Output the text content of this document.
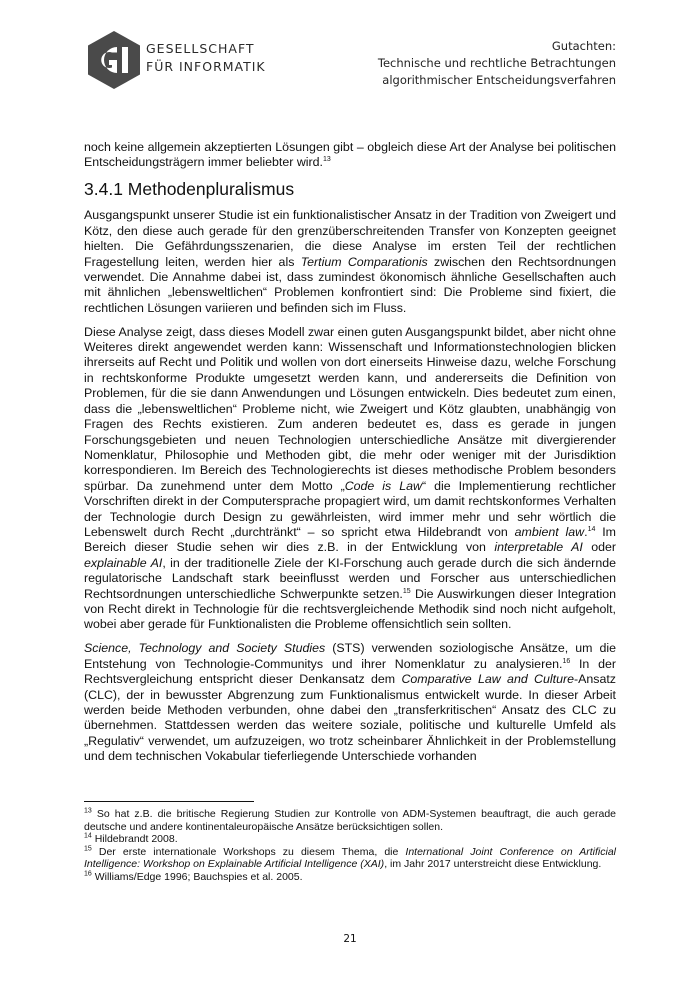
GESELLSCHAFT
FÜR INFORMATIK
Gutachten:
Technische und rechtliche Betrachtungen
algorithmischer Entscheidungsverfahren

noch keine allgemein akzeptierten Lösungen gibt – obgleich diese Art der Analyse bei politischen Entscheidungsträgern immer beliebter wird.$^{13}$

3.4.1 Methodenpluralismus

Ausgangspunkt unserer Studie ist ein funktionalistischer Ansatz in der Tradition von Zweigert und Kötz, den diese auch gerade für den grenzüberschreitenden Transfer von Konzepten geeignet hielten. Die Gefährdungsszenarien, die diese Analyse im ersten Teil der rechtlichen Fragestellung leiten, werden hier als Tertium Comparationis zwischen den Rechtsordnungen verwendet. Die Annahme dabei ist, dass zumindest ökonomisch ähnliche Gesellschaften auch mit ähnlichen „lebensweltlichen“ Problemen konfrontiert sind: Die Probleme sind fixiert, die rechtlichen Lösungen variieren und befinden sich im Fluss.

Diese Analyse zeigt, dass dieses Modell zwar einen guten Ausgangspunkt bildet, aber nicht ohne Weiteres direkt angewendet werden kann: Wissenschaft und Informationstechnologien blicken ihrerseits auf Recht und Politik und wollen von dort einerseits Hinweise dazu, welche Forschung in rechtskonforme Produkte umgesetzt werden kann, und andererseits die Definition von Problemen, für die sie dann Anwendungen und Lösungen entwickeln. Dies bedeutet zum einen, dass die „lebensweltlichen“ Probleme nicht, wie Zweigert und Kötz glaubten, unabhängig von Fragen des Rechts existieren. Zum anderen bedeutet es, dass es gerade in jungen Forschungsgebieten und neuen Technologien unterschiedliche Ansätze mit divergierender Nomenklatur, Philosophie und Methoden gibt, die mehr oder weniger mit der Jurisdiktion korrespondieren. Im Bereich des Technologierechts ist dieses methodische Problem besonders spürbar. Da zunehmend unter dem Motto „Code is Law“ die Implementierung rechtlicher Vorschriften direkt in der Computersprache propagiert wird, um damit rechtskonformes Verhalten der Technologie durch Design zu gewährleisten, wird immer mehr und sehr wörtlich die Lebenswelt durch Recht „durchtränkt“ – so spricht etwa Hildebrandt von ambient law.$^{14}$ Im Bereich dieser Studie sehen wir dies z.B. in der Entwicklung von interpretable AI oder explainable AI, in der traditionelle Ziele der KI-Forschung auch gerade durch die sich ändernde regulatorische Landschaft stark beeinflusst werden und Forscher aus unterschiedlichen Rechtsordnungen unterschiedliche Schwerpunkte setzen.$^{15}$ Die Auswirkungen dieser Integration von Recht direkt in Technologie für die rechtsvergleichende Methodik sind noch nicht aufgeholt, wobei aber gerade für Funktionalisten die Probleme offensichtlich sein sollten.

Science, Technology and Society Studies (STS) verwenden soziologische Ansätze, um die Entstehung von Technologie-Communitys und ihrer Nomenklatur zu analysieren.$^{16}$ In der Rechtsvergleichung entspricht dieser Denkansatz dem Comparative Law and Culture-Ansatz (CLC), der in bewusster Abgrenzung zum Funktionalismus entwickelt wurde. In dieser Arbeit werden beide Methoden verbunden, ohne dabei den „transferkritischen“ Ansatz des CLC zu übernehmen. Stattdessen werden das weitere soziale, politische und kulturelle Umfeld als „Regulativ“ verwendet, um aufzuzeigen, wo trotz scheinbarer Ähnlichkeit in der Problemstellung und dem technischen Vokabular tieferliegende Unterschiede vorhanden

$^{13}$ So hat z.B. die britische Regierung Studien zur Kontrolle von ADM-Systemen beauftragt, die auch gerade deutsche und andere kontinentaleuropäische Ansätze berücksichtigen sollen.

$^{14}$ Hildebrandt 2008.

$^{15}$ Der erste internationale Workshops zu diesem Thema, die International Joint Conference on Artificial Intelligence: Workshop on Explainable Artificial Intelligence (XAI), im Jahr 2017 unterstreicht diese Entwicklung.

$^{16}$ Williams/Edge 1996; Bauchspies et al. 2005.

21
